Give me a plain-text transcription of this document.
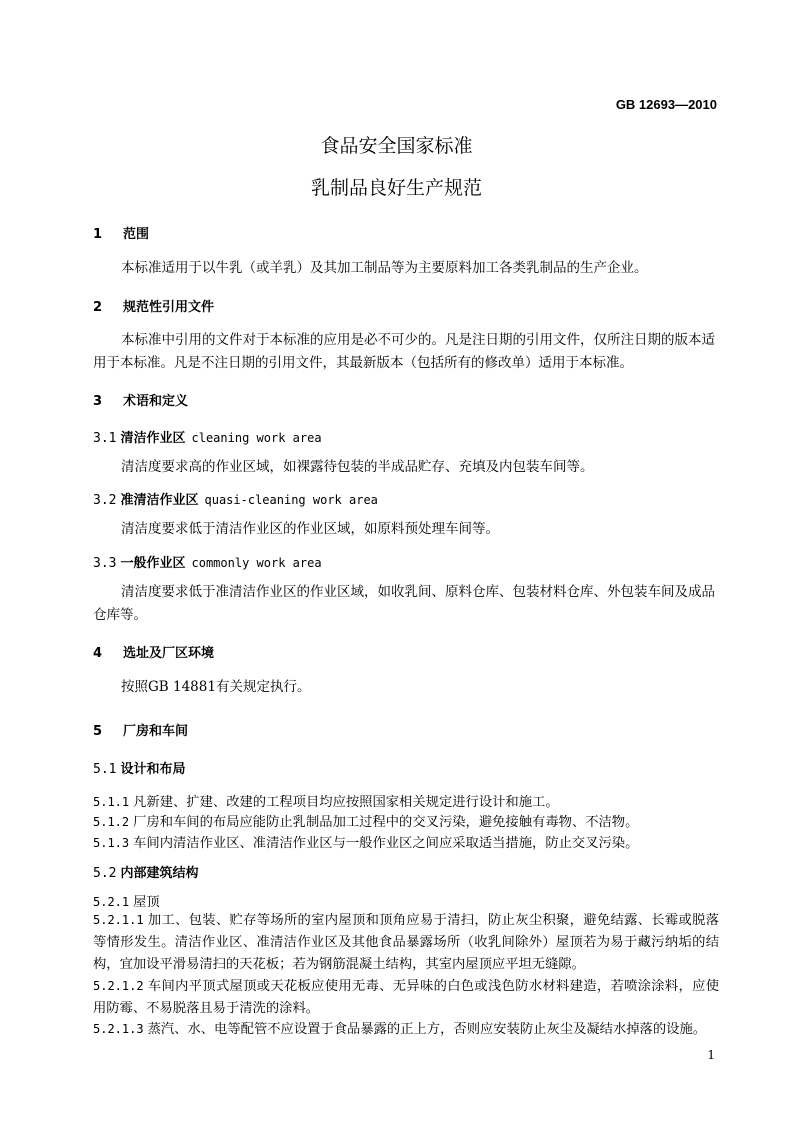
GB 12693—2010
食品安全国家标准
乳制品良好生产规范
1 范围
本标准适用于以牛乳（或羊乳）及其加工制品等为主要原料加工各类乳制品的生产企业。
2 规范性引用文件
本标准中引用的文件对于本标准的应用是必不可少的。凡是注日期的引用文件，仅所注日期的版本适用于本标准。凡是不注日期的引用文件，其最新版本（包括所有的修改单）适用于本标准。
3 术语和定义
3.1 清洁作业区 cleaning work area
清洁度要求高的作业区域，如裸露待包装的半成品贮存、充填及内包装车间等。
3.2 准清洁作业区 quasi-cleaning work area
清洁度要求低于清洁作业区的作业区域，如原料预处理车间等。
3.3 一般作业区 commonly work area
清洁度要求低于准清洁作业区的作业区域，如收乳间、原料仓库、包装材料仓库、外包装车间及成品仓库等。
4 选址及厂区环境
按照GB 14881有关规定执行。
5 厂房和车间
5.1 设计和布局
5.1.1 凡新建、扩建、改建的工程项目均应按照国家相关规定进行设计和施工。
5.1.2 厂房和车间的布局应能防止乳制品加工过程中的交叉污染，避免接触有毒物、不洁物。
5.1.3 车间内清洁作业区、准清洁作业区与一般作业区之间应采取适当措施，防止交叉污染。
5.2 内部建筑结构
5.2.1 屋顶
5.2.1.1 加工、包装、贮存等场所的室内屋顶和顶角应易于清扫，防止灰尘积聚，避免结露、长霉或脱落等情形发生。清洁作业区、准清洁作业区及其他食品暴露场所（收乳间除外）屋顶若为易于藏污纳垢的结构，宜加设平滑易清扫的天花板；若为钢筋混凝土结构，其室内屋顶应平坦无缝隙。
5.2.1.2 车间内平顶式屋顶或天花板应使用无毒、无异味的白色或浅色防水材料建造，若喷涂涂料，应使用防霉、不易脱落且易于清洗的涂料。
5.2.1.3 蒸汽、水、电等配管不应设置于食品暴露的正上方，否则应安装防止灰尘及凝结水掉落的设施。
1
